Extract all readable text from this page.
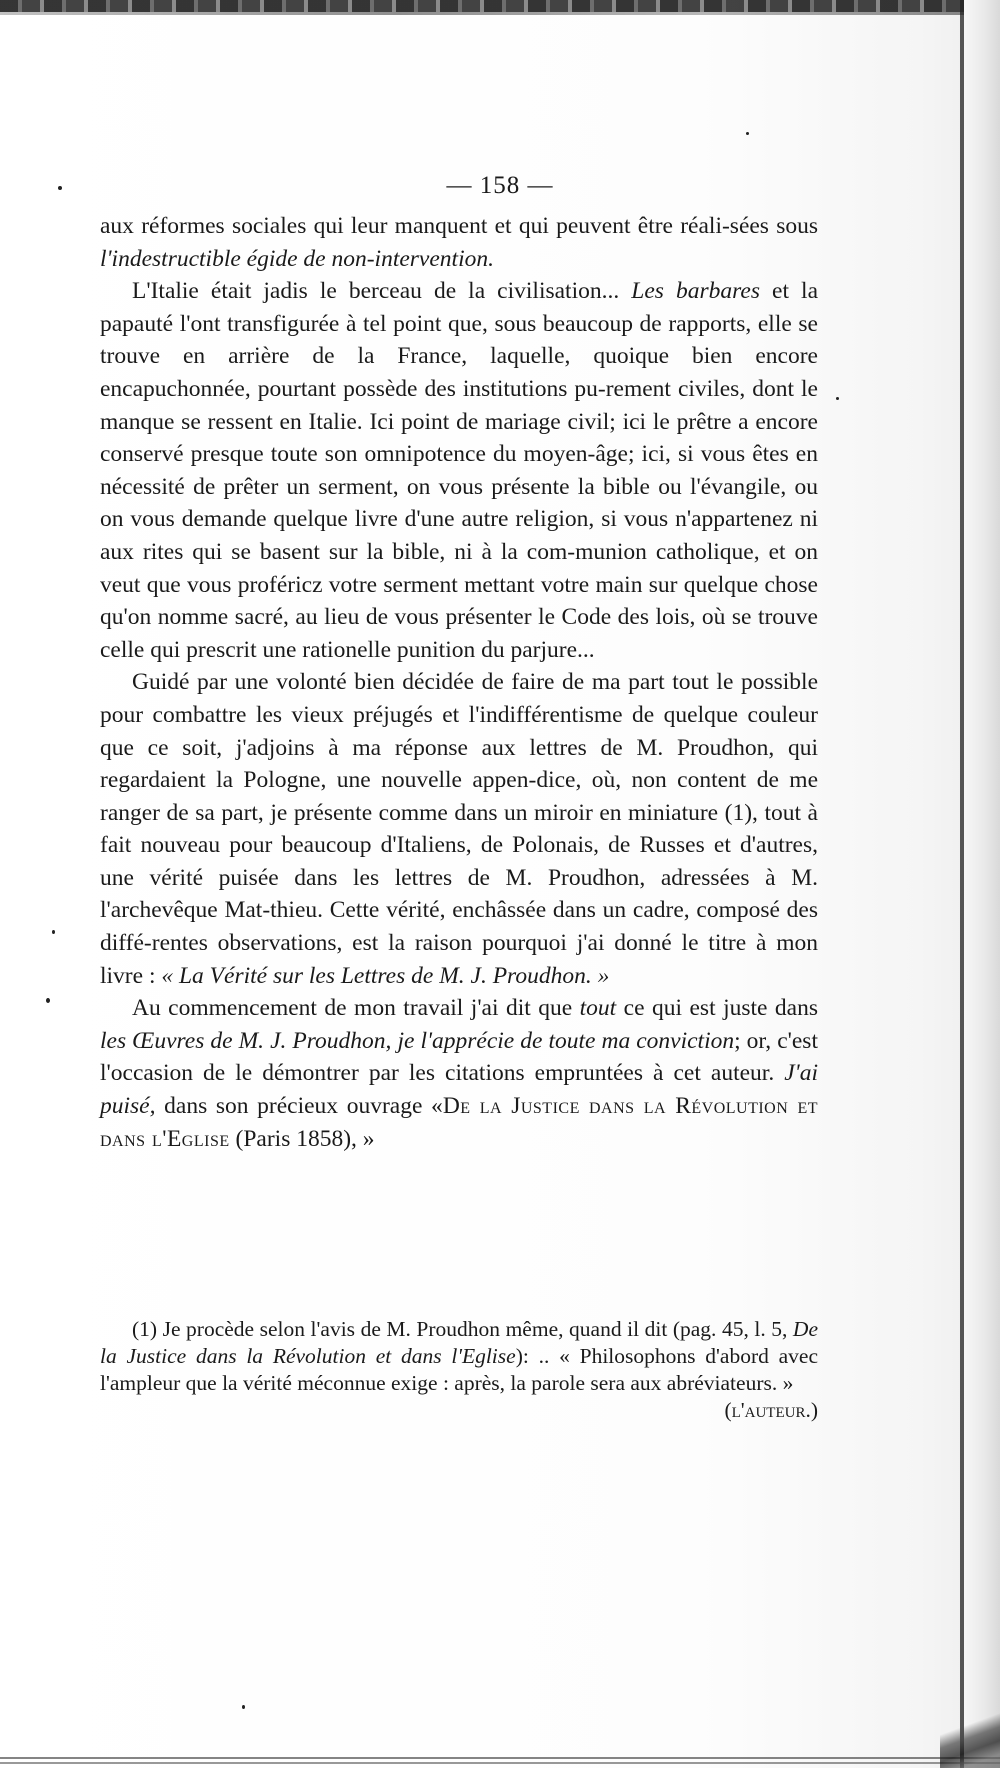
— 158 —

aux réformes sociales qui leur manquent et qui peuvent être réali-sées sous l'indestructible égide de non-intervention.

L'Italie était jadis le berceau de la civilisation... Les barbares et la papauté l'ont transfigurée à tel point que, sous beaucoup de rapports, elle se trouve en arrière de la France, laquelle, quoique bien encore encapuchonnée, pourtant possède des institutions pu-rement civiles, dont le manque se ressent en Italie. Ici point de mariage civil; ici le prêtre a encore conservé presque toute son omnipotence du moyen-âge; ici, si vous êtes en nécessité de prêter un serment, on vous présente la bible ou l'évangile, ou on vous demande quelque livre d'une autre religion, si vous n'appartenez ni aux rites qui se basent sur la bible, ni à la com-munion catholique, et on veut que vous proféricz votre serment mettant votre main sur quelque chose qu'on nomme sacré, au lieu de vous présenter le Code des lois, où se trouve celle qui prescrit une rationelle punition du parjure...

Guidé par une volonté bien décidée de faire de ma part tout le possible pour combattre les vieux préjugés et l'indifférentisme de quelque couleur que ce soit, j'adjoins à ma réponse aux lettres de M. Proudhon, qui regardaient la Pologne, une nouvelle appen-dice, où, non content de me ranger de sa part, je présente comme dans un miroir en miniature (1), tout à fait nouveau pour beaucoup d'Italiens, de Polonais, de Russes et d'autres, une vérité puisée dans les lettres de M. Proudhon, adressées à M. l'archevêque Mat-thieu. Cette vérité, enchâssée dans un cadre, composé des diffé-rentes observations, est la raison pourquoi j'ai donné le titre à mon livre : « La Vérité sur les Lettres de M. J. Proudhon. »

Au commencement de mon travail j'ai dit que tout ce qui est juste dans les Œuvres de M. J. Proudhon, je l'apprécie de toute ma conviction; or, c'est l'occasion de le démontrer par les citations empruntées à cet auteur. J'ai puisé, dans son précieux ouvrage «De la Justice dans la Révolution et dans l'Eglise (Paris 1858), »

(1) Je procède selon l'avis de M. Proudhon même, quand il dit (pag. 45, l. 5, De la Justice dans la Révolution et dans l'Eglise): .. « Philosophons d'abord avec l'ampleur que la vérité méconnue exige : après, la parole sera aux abréviateurs. »
(l'auteur.)
